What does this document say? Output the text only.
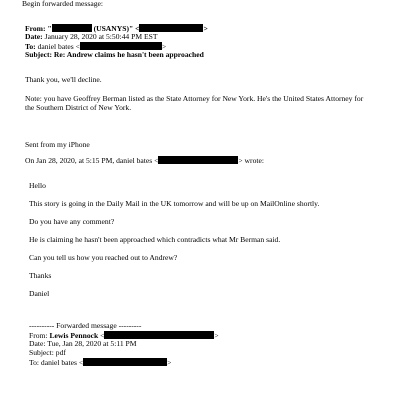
Begin forwarded message:
From: "	(USANYS)" <	>
Date: January 28, 2020 at 5:50:44 PM EST
To: daniel bates <	>
Subject: Re: Andrew claims he hasn't been approached
Thank you, we'll decline.
Note: you have Geoffrey Berman listed as the State Attorney for New York. He's the United States Attorney for
the Southern District of New York.
Sent from my iPhone
On Jan 28, 2020, at 5:15 PM, daniel bates <	> wrote:
Hello
This story is going in the Daily Mail in the UK tomorrow and will be up on MailOnline shortly.
Do you have any comment?
He is claiming he hasn't been approached which contradicts what Mr Berman said.
Can you tell us how you reached out to Andrew?
Thanks
Daniel
---------- Forwarded message ---------
From: Lewis Pennock <	>
Date: Tue, Jan 28, 2020 at 5:11 PM
Subject: pdf
To: daniel bates <	>
